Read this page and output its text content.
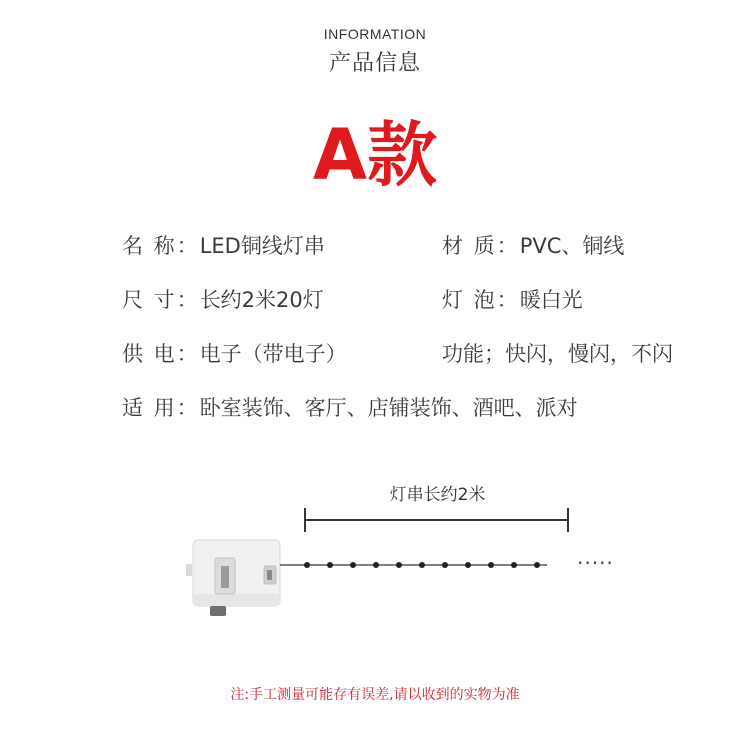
INFORMATION
产品信息
A款
名 称：LED铜线灯串	材 质：PVC、铜线
尺 寸：长约2米20灯	灯 泡：暖白光
供 电：电子（带电子）	功能；快闪，慢闪，不闪
适 用：卧室装饰、客厅、店铺装饰、酒吧、派对
灯串长约2米
·····
注:手工测量可能存有误差,请以收到的实物为准
